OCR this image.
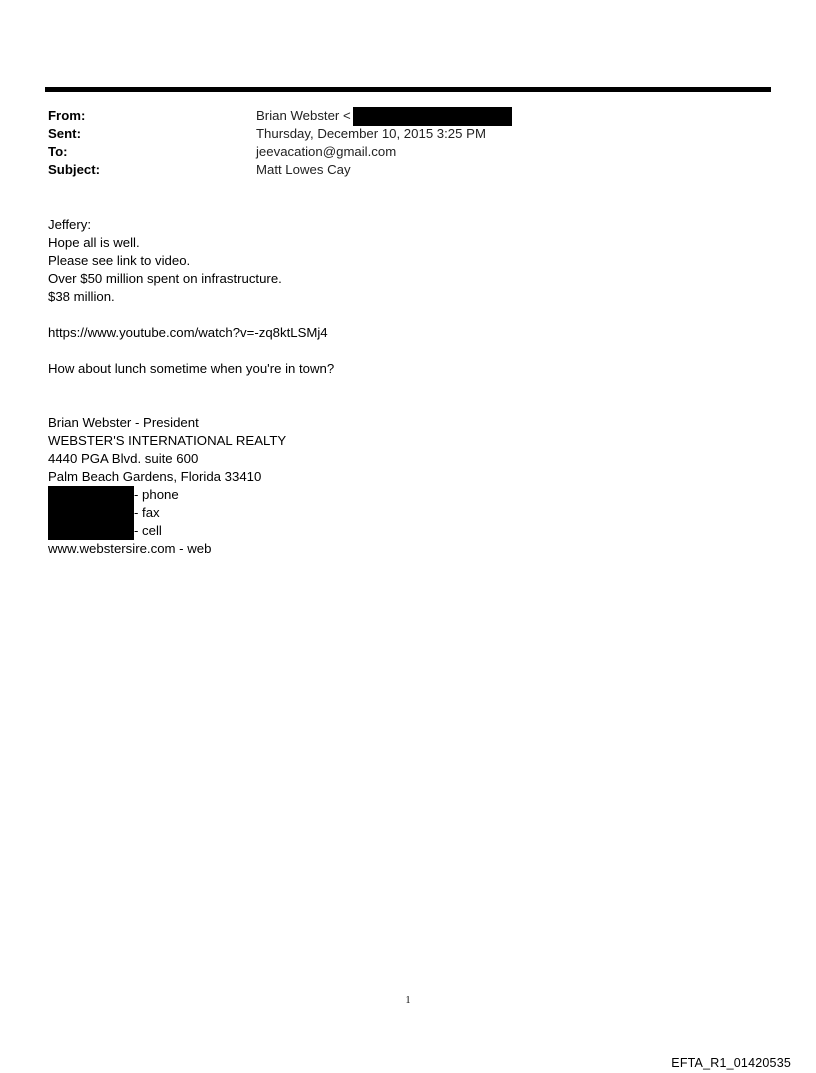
From:	Brian Webster <
Sent:	Thursday, December 10, 2015 3:25 PM
To:	jeevacation@gmail.com
Subject:	Matt Lowes Cay
Jeffery:
Hope all is well.
Please see link to video.
Over $50 million spent on infrastructure.
$38 million.
https://www.youtube.com/watch?v=-zq8ktLSMj4
How about lunch sometime when you're in town?
Brian Webster - President
WEBSTER'S INTERNATIONAL REALTY
4440 PGA Blvd. suite 600
Palm Beach Gardens, Florida 33410
- phone
- fax
- cell
www.webstersire.com - web
1
EFTA_R1_01420535
